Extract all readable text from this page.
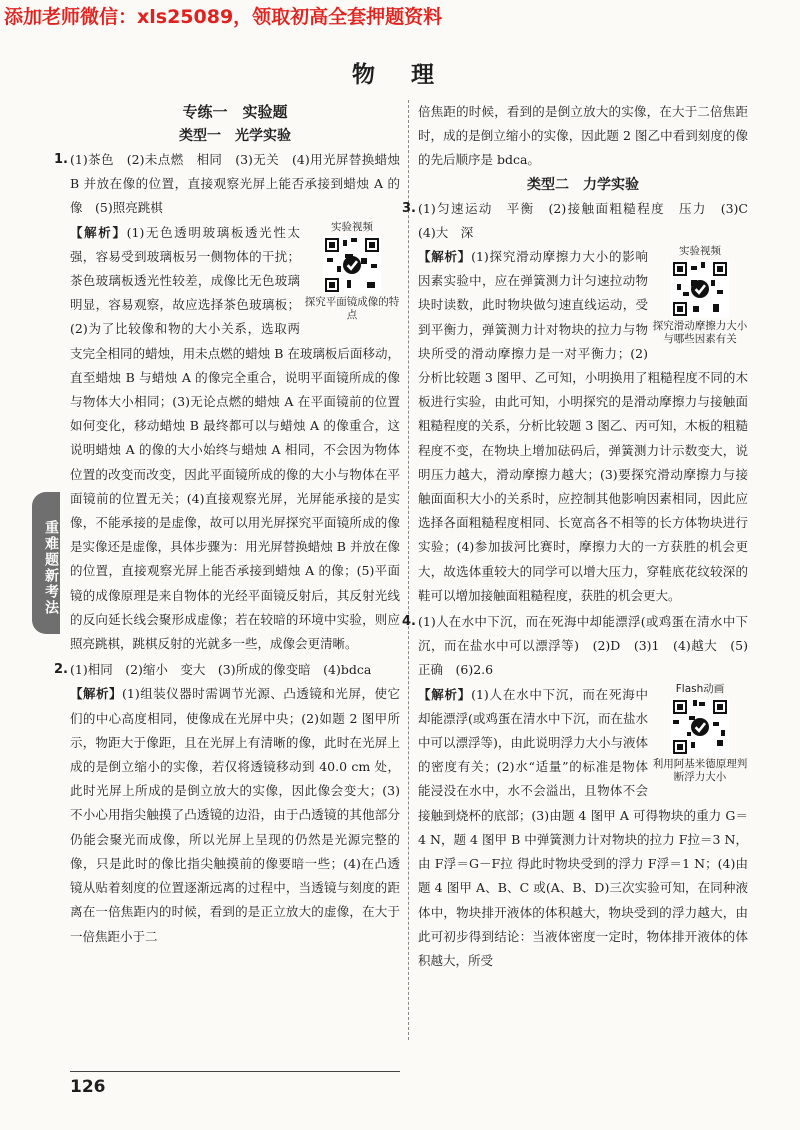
添加老师微信：xls25089，领取初高全套押题资料
物 理
重难题新考法
专练一　实验题
类型一　光学实验
1. (1)茶色　(2)未点燃　相同　(3)无关　(4)用光屏替换蜡烛 B 并放在像的位置，直接观察光屏上能否承接到蜡烛 A 的像　(5)照亮跳棋
实验视频
探究平面镜成像的特点
【解析】(1)无色透明玻璃板透光性太强，容易受到玻璃板另一侧物体的干扰；茶色玻璃板透光性较差，成像比无色玻璃明显，容易观察，故应选择茶色玻璃板；(2)为了比较像和物的大小关系，选取两支完全相同的蜡烛，用未点燃的蜡烛 B 在玻璃板后面移动，直至蜡烛 B 与蜡烛 A 的像完全重合，说明平面镜所成的像与物体大小相同；(3)无论点燃的蜡烛 A 在平面镜前的位置如何变化，移动蜡烛 B 最终都可以与蜡烛 A 的像重合，这说明蜡烛 A 的像的大小始终与蜡烛 A 相同，不会因为物体位置的改变而改变，因此平面镜所成的像的大小与物体在平面镜前的位置无关；(4)直接观察光屏，光屏能承接的是实像，不能承接的是虚像，故可以用光屏探究平面镜所成的像是实像还是虚像，具体步骤为：用光屏替换蜡烛 B 并放在像的位置，直接观察光屏上能否承接到蜡烛 A 的像；(5)平面镜的成像原理是来自物体的光经平面镜反射后，其反射光线的反向延长线会聚形成虚像；若在较暗的环境中实验，则应照亮跳棋，跳棋反射的光就多一些，成像会更清晰。
2. (1)相同　(2)缩小　变大　(3)所成的像变暗　(4)bdca
【解析】(1)组装仪器时需调节光源、凸透镜和光屏，使它们的中心高度相同，使像成在光屏中央；(2)如题 2 图甲所示，物距大于像距，且在光屏上有清晰的像，此时在光屏上成的是倒立缩小的实像，若仅将透镜移动到 40.0 cm 处，此时光屏上所成的是倒立放大的实像，因此像会变大；(3)不小心用指尖触摸了凸透镜的边沿，由于凸透镜的其他部分仍能会聚光而成像，所以光屏上呈现的仍然是光源完整的像，只是此时的像比指尖触摸前的像要暗一些；(4)在凸透镜从贴着刻度的位置逐渐远离的过程中，当透镜与刻度的距离在一倍焦距内的时候，看到的是正立放大的虚像，在大于一倍焦距小于二
倍焦距的时候，看到的是倒立放大的实像，在大于二倍焦距时，成的是倒立缩小的实像，因此题 2 图乙中看到刻度的像的先后顺序是 bdca。
类型二　力学实验
3. (1)匀速运动　平衡　(2)接触面粗糙程度　压力　(3)C　(4)大　深
实验视频
探究滑动摩擦力大小与哪些因素有关
【解析】(1)探究滑动摩擦力大小的影响因素实验中，应在弹簧测力计匀速拉动物块时读数，此时物块做匀速直线运动，受到平衡力，弹簧测力计对物块的拉力与物块所受的滑动摩擦力是一对平衡力；(2)分析比较题 3 图甲、乙可知，小明换用了粗糙程度不同的木板进行实验，由此可知，小明探究的是滑动摩擦力与接触面粗糙程度的关系，分析比较题 3 图乙、丙可知，木板的粗糙程度不变，在物块上增加砝码后，弹簧测力计示数变大，说明压力越大，滑动摩擦力越大；(3)要探究滑动摩擦力与接触面面积大小的关系时，应控制其他影响因素相同，因此应选择各面粗糙程度相同、长宽高各不相等的长方体物块进行实验；(4)参加拔河比赛时，摩擦力大的一方获胜的机会更大，故选体重较大的同学可以增大压力，穿鞋底花纹较深的鞋可以增加接触面粗糙程度，获胜的机会更大。
4. (1)人在水中下沉，而在死海中却能漂浮(或鸡蛋在清水中下沉，而在盐水中可以漂浮等)　(2)D　(3)1　(4)越大　(5)正确　(6)2.6
Flash动画
利用阿基米德原理判断浮力大小
【解析】(1)人在水中下沉，而在死海中却能漂浮(或鸡蛋在清水中下沉，而在盐水中可以漂浮等)，由此说明浮力大小与液体的密度有关；(2)水“适量”的标准是物体能浸没在水中，水不会溢出，且物体不会接触到烧杯的底部；(3)由题 4 图甲 A 可得物块的重力 G＝4 N，题 4 图甲 B 中弹簧测力计对物块的拉力 F拉＝3 N，由 F浮＝G－F拉 得此时物块受到的浮力 F浮＝1 N；(4)由题 4 图甲 A、B、C 或(A、B、D)三次实验可知，在同种液体中，物块排开液体的体积越大，物块受到的浮力越大，由此可初步得到结论：当液体密度一定时，物体排开液体的体积越大，所受
126
